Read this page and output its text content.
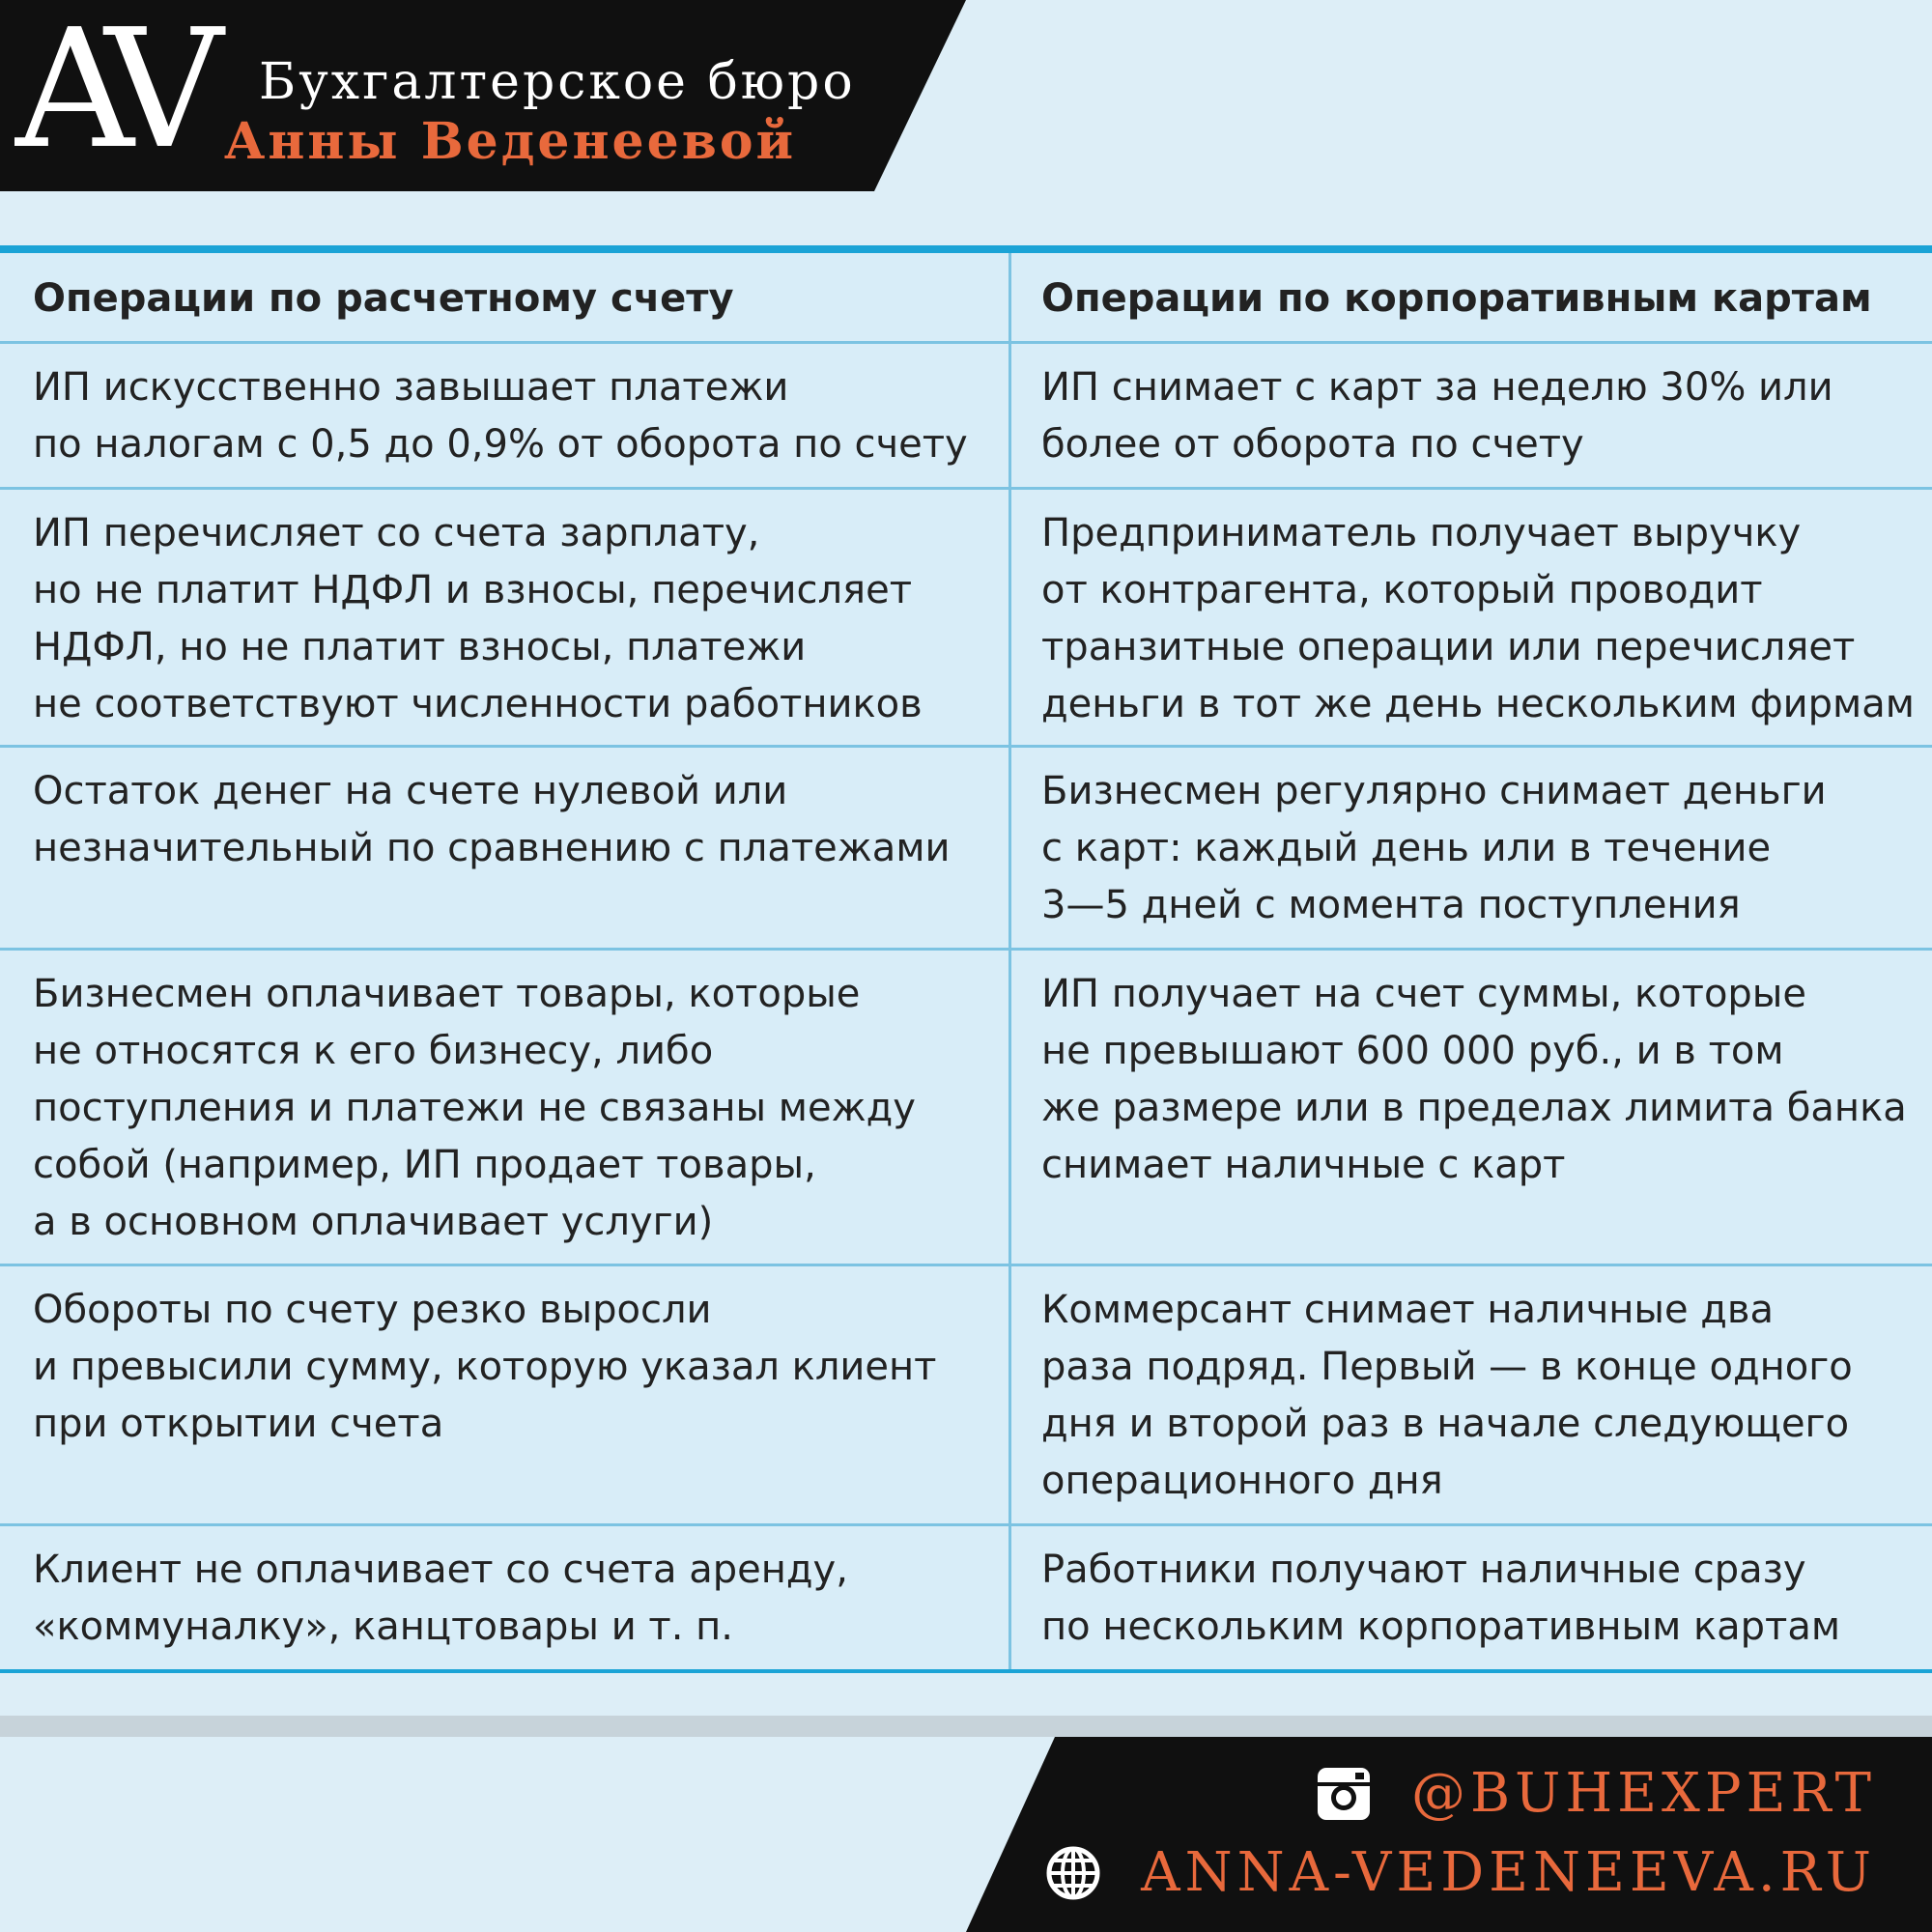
AV	Бухгалтерское бюро
Анны Веденеевой
Операции по расчетному счету	Операции по корпоративным картам
ИП искусственно завышает платежи
по налогам с 0,5 до 0,9% от оборота по счету
ИП снимает с карт за неделю 30% или
более от оборота по счету
ИП перечисляет со счета зарплату,
но не платит НДФЛ и взносы, перечисляет
НДФЛ, но не платит взносы, платежи
не соответствуют численности работников
Предприниматель получает выручку
от контрагента, который проводит
транзитные операции или перечисляет
деньги в тот же день нескольким фирмам
Остаток денег на счете нулевой или
незначительный по сравнению с платежами
Бизнесмен регулярно снимает деньги
с карт: каждый день или в течение
3—5 дней с момента поступления
Бизнесмен оплачивает товары, которые
не относятся к его бизнесу, либо
поступления и платежи не связаны между
собой (например, ИП продает товары,
а в основном оплачивает услуги)
ИП получает на счет суммы, которые
не превышают 600 000 руб., и в том
же размере или в пределах лимита банка
снимает наличные с карт
Обороты по счету резко выросли
и превысили сумму, которую указал клиент
при открытии счета
Коммерсант снимает наличные два
раза подряд. Первый — в конце одного
дня и второй раз в начале следующего
операционного дня
Клиент не оплачивает со счета аренду,
«коммуналку», канцтовары и т. п.
Работники получают наличные сразу
по нескольким корпоративным картам
@BUHEXPERT
ANNA-VEDENEEVA.RU
